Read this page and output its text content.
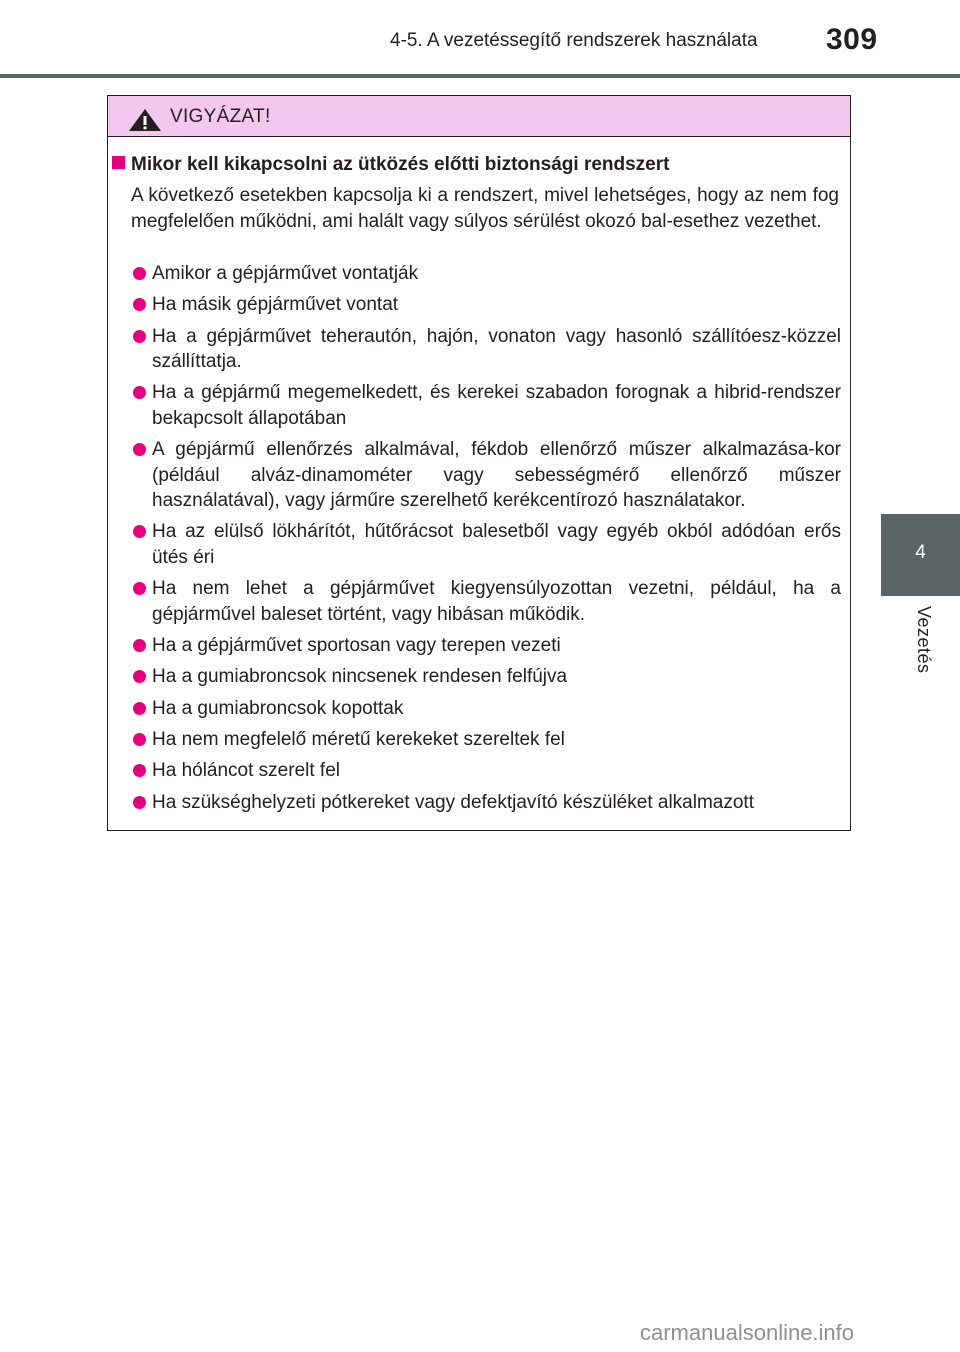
4-5. A vezetéssegítő rendszerek használata 309
4
Vezetés
VIGYÁZAT!
Mikor kell kikapcsolni az ütközés előtti biztonsági rendszert

A következő esetekben kapcsolja ki a rendszert, mivel lehetséges, hogy az nem fog megfelelően működni, ami halált vagy súlyos sérülést okozó bal-esethez vezethet.

Amikor a gépjárművet vontatják
Ha másik gépjárművet vontat
Ha a gépjárművet teherautón, hajón, vonaton vagy hasonló szállítóesz-közzel szállíttatja.
Ha a gépjármű megemelkedett, és kerekei szabadon forognak a hibrid-rendszer bekapcsolt állapotában
A gépjármű ellenőrzés alkalmával, fékdob ellenőrző műszer alkalmazása-kor (például alváz-dinamométer vagy sebességmérő ellenőrző műszer használatával), vagy járműre szerelhető kerékcentírozó használatakor.
Ha az elülső lökhárítót, hűtőrácsot balesetből vagy egyéb okból adódóan erős ütés éri
Ha nem lehet a gépjárművet kiegyensúlyozottan vezetni, például, ha a gépjárművel baleset történt, vagy hibásan működik.
Ha a gépjárművet sportosan vagy terepen vezeti
Ha a gumiabroncsok nincsenek rendesen felfújva
Ha a gumiabroncsok kopottak
Ha nem megfelelő méretű kerekeket szereltek fel
Ha hóláncot szerelt fel
Ha szükséghelyzeti pótkereket vagy defektjavító készüléket alkalmazott
carmanualsonline.info
